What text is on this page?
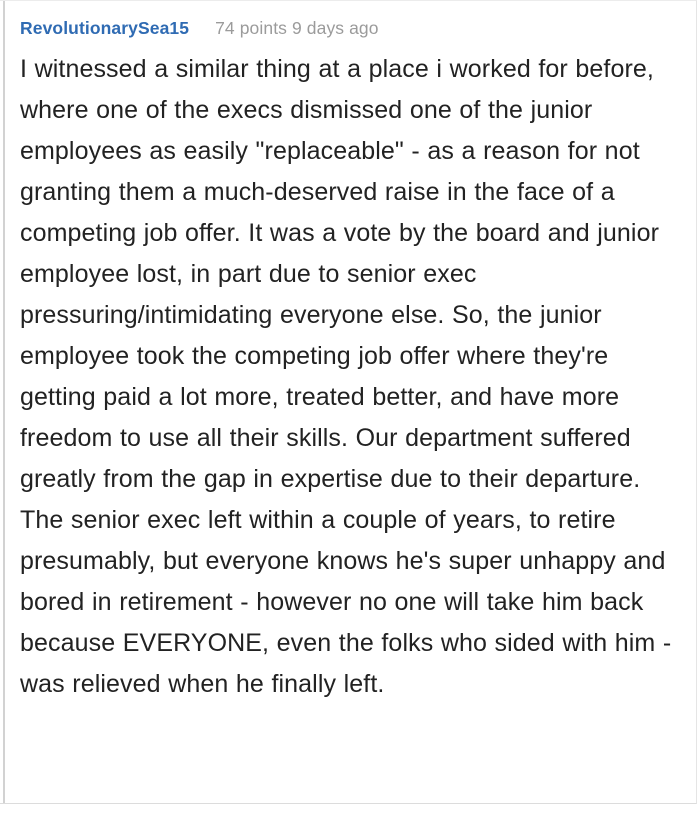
RevolutionarySea15 74 points 9 days ago
I witnessed a similar thing at a place i worked for before, where one of the execs dismissed one of the junior employees as easily "replaceable" - as a reason for not granting them a much-deserved raise in the face of a competing job offer. It was a vote by the board and junior employee lost, in part due to senior exec pressuring/intimidating everyone else. So, the junior employee took the competing job offer where they're getting paid a lot more, treated better, and have more freedom to use all their skills. Our department suffered greatly from the gap in expertise due to their departure. The senior exec left within a couple of years, to retire presumably, but everyone knows he's super unhappy and bored in retirement - however no one will take him back because EVERYONE, even the folks who sided with him - was relieved when he finally left.
